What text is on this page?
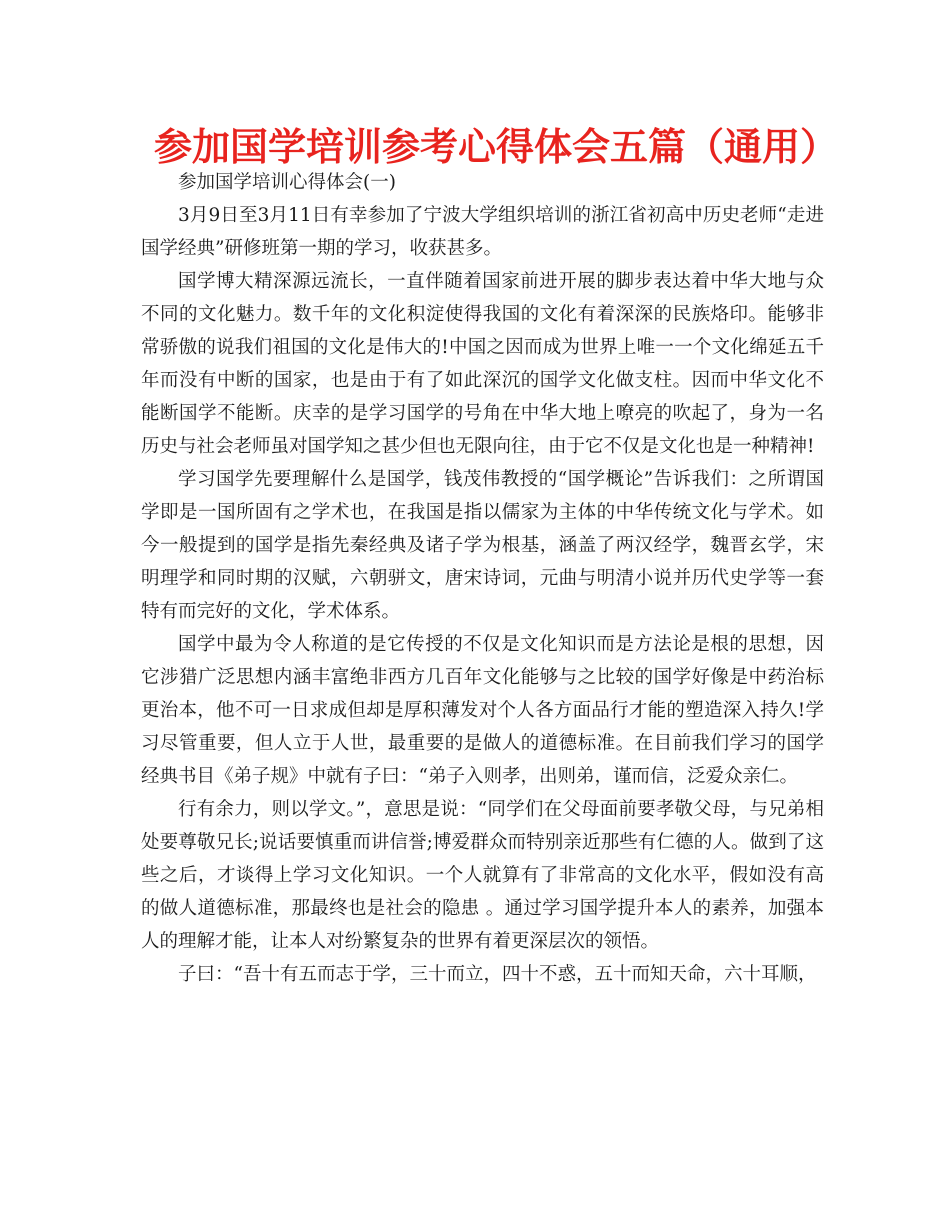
参加国学培训参考心得体会五篇（通用）

参加国学培训心得体会(一)

3月9日至3月11日有幸参加了宁波大学组织培训的浙江省初高中历史老师“走进国学经典”研修班第一期的学习，收获甚多。

国学博大精深源远流长，一直伴随着国家前进开展的脚步表达着中华大地与众不同的文化魅力。数千年的文化积淀使得我国的文化有着深深的民族烙印。能够非常骄傲的说我们祖国的文化是伟大的!中国之因而成为世界上唯一一个文化绵延五千年而没有中断的国家，也是由于有了如此深沉的国学文化做支柱。因而中华文化不能断国学不能断。庆幸的是学习国学的号角在中华大地上嘹亮的吹起了，身为一名历史与社会老师虽对国学知之甚少但也无限向往，由于它不仅是文化也是一种精神!

学习国学先要理解什么是国学，钱茂伟教授的“国学概论”告诉我们：之所谓国学即是一国所固有之学术也，在我国是指以儒家为主体的中华传统文化与学术。如今一般提到的国学是指先秦经典及诸子学为根基，涵盖了两汉经学，魏晋玄学，宋明理学和同时期的汉赋，六朝骈文，唐宋诗词，元曲与明清小说并历代史学等一套特有而完好的文化，学术体系。

国学中最为令人称道的是它传授的不仅是文化知识而是方法论是根的思想，因它涉猎广泛思想内涵丰富绝非西方几百年文化能够与之比较的国学好像是中药治标更治本，他不可一日求成但却是厚积薄发对个人各方面品行才能的塑造深入持久!学习尽管重要，但人立于人世，最重要的是做人的道德标准。在目前我们学习的国学经典书目《弟子规》中就有子曰：“弟子入则孝，出则弟，谨而信，泛爱众亲仁。

行有余力，则以学文。”，意思是说：“同学们在父母面前要孝敬父母，与兄弟相处要尊敬兄长;说话要慎重而讲信誉;博爱群众而特别亲近那些有仁德的人。做到了这些之后，才谈得上学习文化知识。一个人就算有了非常高的文化水平，假如没有高的做人道德标准，那最终也是社会的隐患 。通过学习国学提升本人的素养，加强本人的理解才能，让本人对纷繁复杂的世界有着更深层次的领悟。

子曰：“吾十有五而志于学，三十而立，四十不惑，五十而知天命，六十耳顺，
